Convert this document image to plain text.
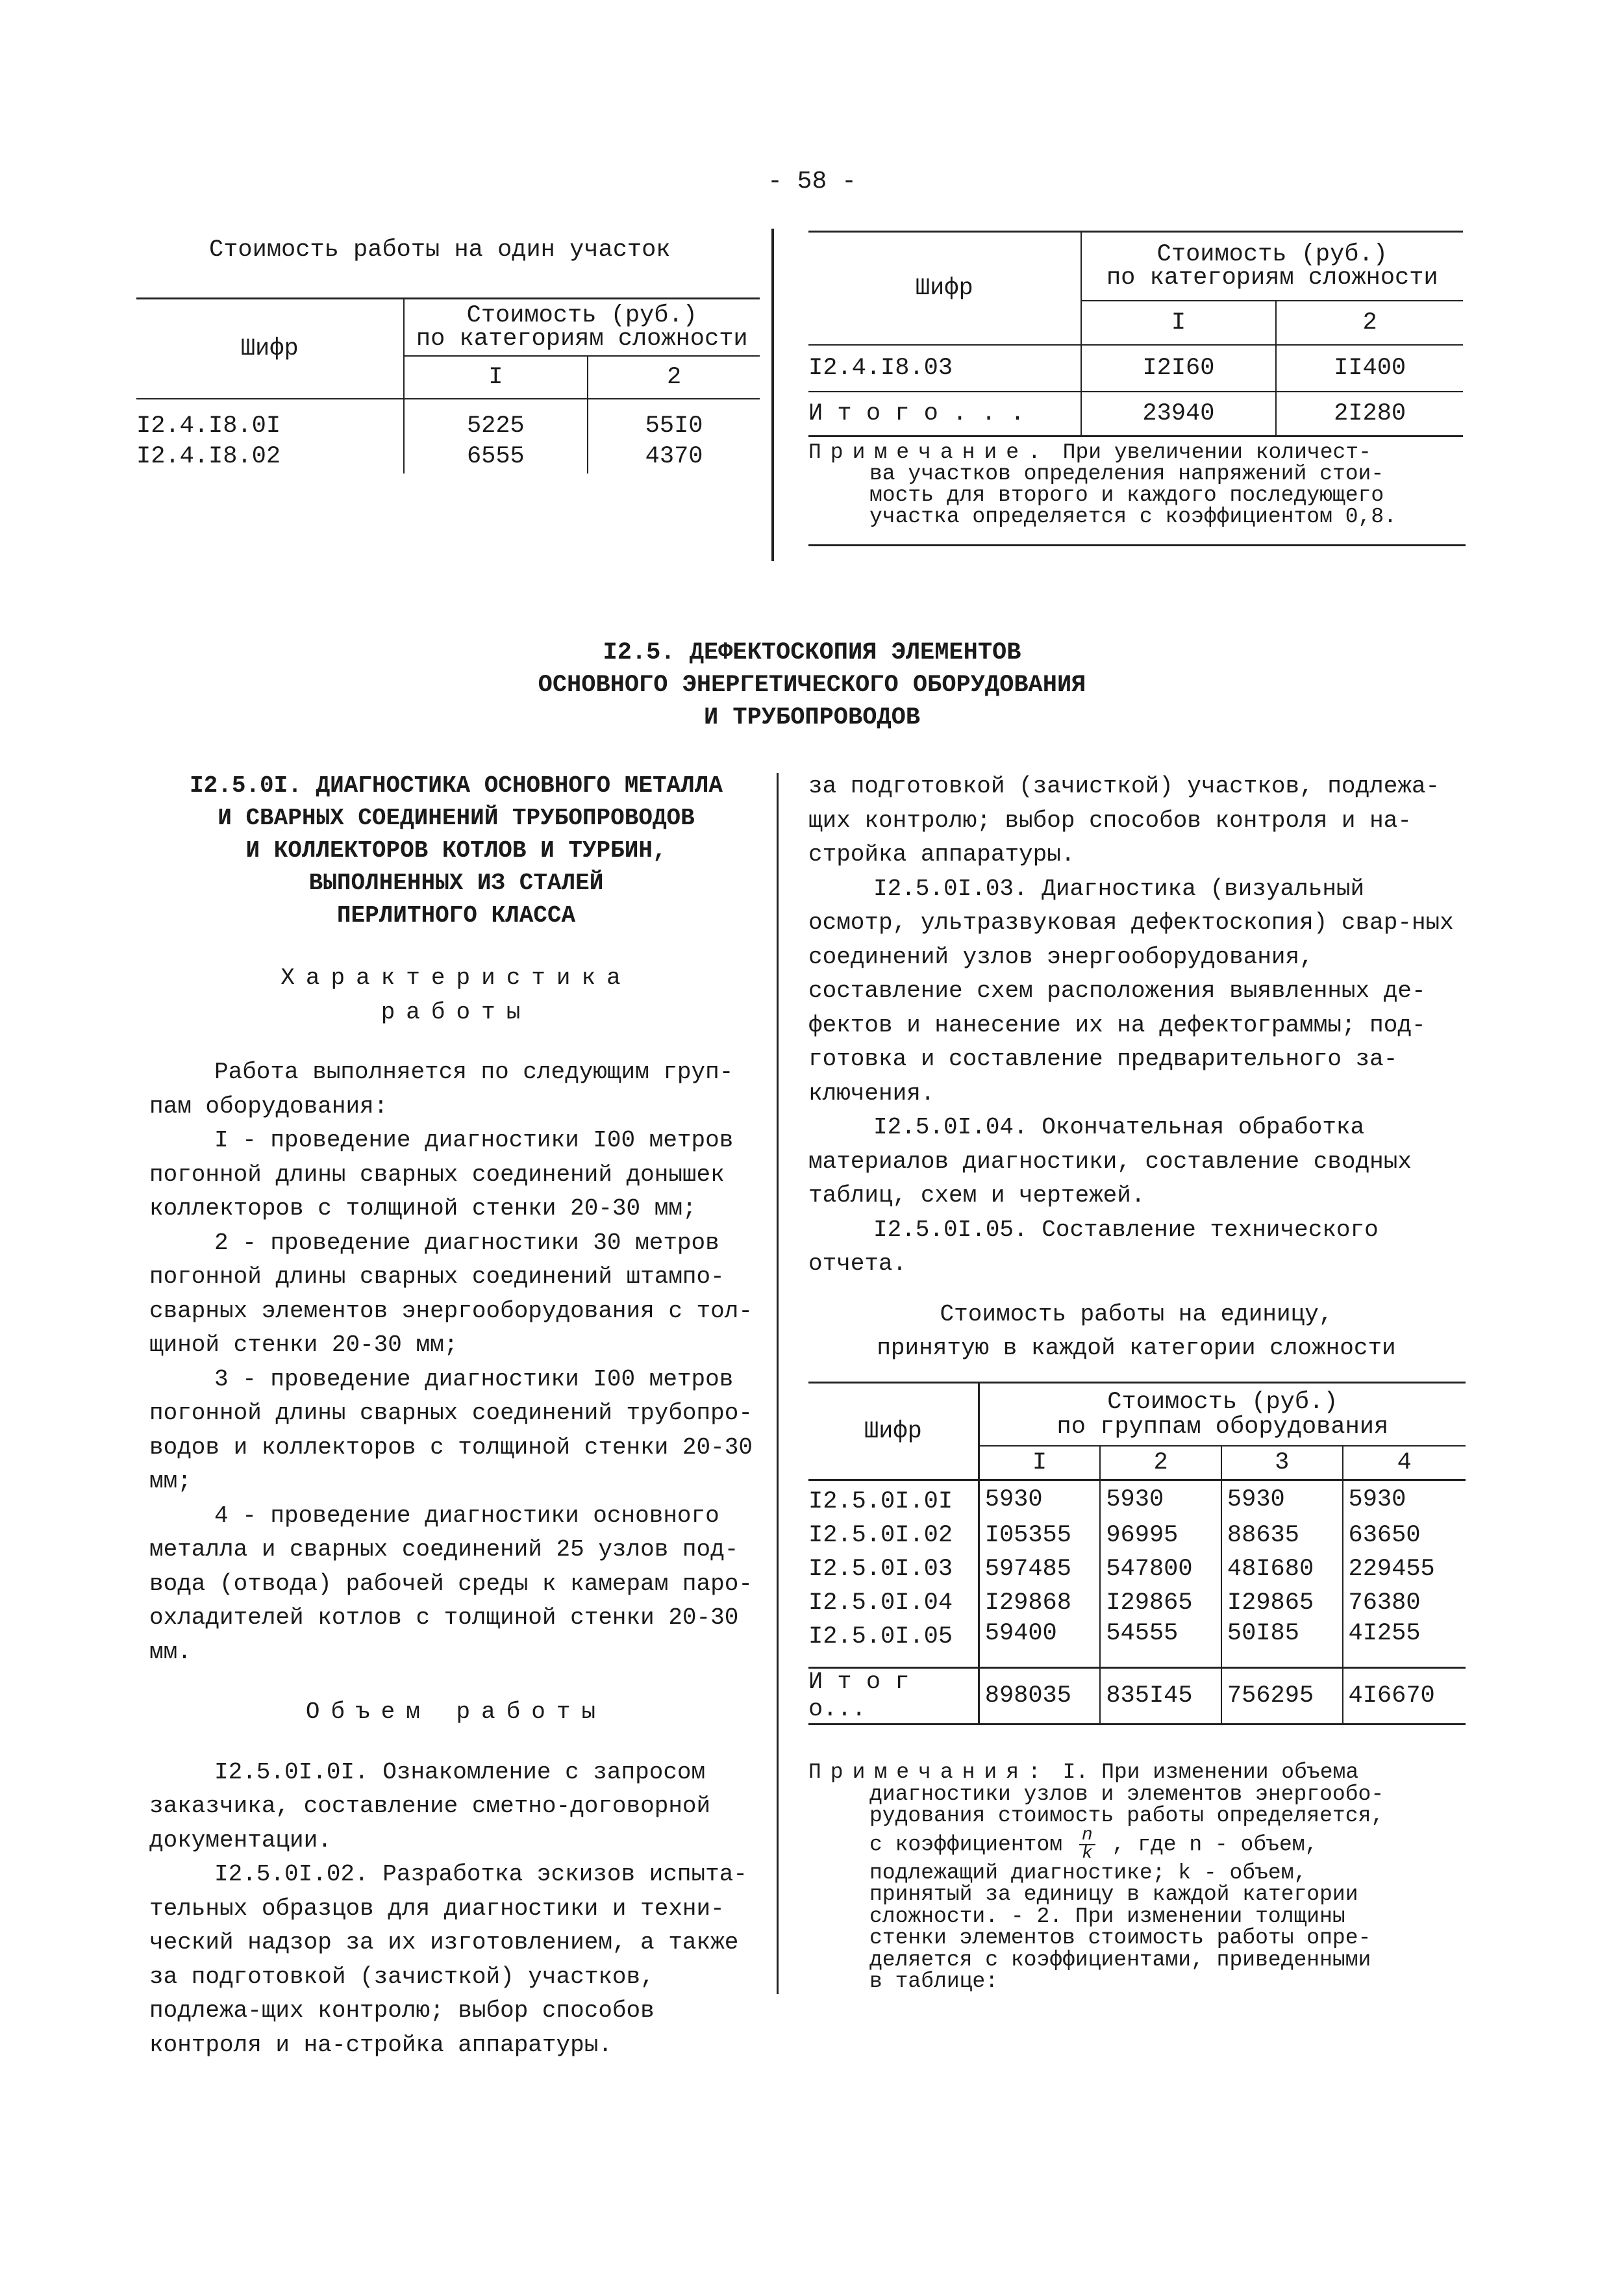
- 58 -
Стоимость работы на один участок
Шифр	Стоимость (руб.)
по категориям сложности	
	I	2
I2.4.I8.0I	5225	55I0
I2.4.I8.02	6555	4370
Шифр	Стоимость (руб.)
по категориям сложности	
	I	2
I2.4.I8.03	I2I60	II400
И т о г о . . .	23940	2I280
Примечание. При увеличении количест-
ва участков определения напряжений стои-
мость для второго и каждого последующего
участка определяется с коэффициентом 0,8.
I2.5. ДЕФЕКТОСКОПИЯ ЭЛЕМЕНТОВ
ОСНОВНОГО ЭНЕРГЕТИЧЕСКОГО ОБОРУДОВАНИЯ
И ТРУБОПРОВОДОВ
I2.5.0I. ДИАГНОСТИКА ОСНОВНОГО МЕТАЛЛА
И СВАРНЫХ СОЕДИНЕНИЙ ТРУБОПРОВОДОВ
И КОЛЛЕКТОРОВ КОТЛОВ И ТУРБИН,
ВЫПОЛНЕННЫХ ИЗ СТАЛЕЙ
ПЕРЛИТНОГО КЛАССА
Характеристика
работы

Работа выполняется по следующим груп- пам оборудования:

I - проведение диагностики I00 метров погонной длины сварных соединений донышек коллекторов с толщиной стенки 20-30 мм;

2 - проведение диагностики 30 метров погонной длины сварных соединений штампо-сварных элементов энергооборудования с тол-щиной стенки 20-30 мм;

3 - проведение диагностики I00 метров погонной длины сварных соединений трубопро-водов и коллекторов с толщиной стенки 20-30 мм;

4 - проведение диагностики основного металла и сварных соединений 25 узлов под-вода (отвода) рабочей среды к камерам паро-охладителей котлов с толщиной стенки 20-30 мм.

Объем работы

I2.5.0I.0I. Ознакомление с запросом заказчика, составление сметно-договорной документации.

I2.5.0I.02. Разработка эскизов испыта-тельных образцов для диагностики и техни-ческий надзор за их изготовлением, а также за подготовкой (зачисткой) участков, подлежа-щих контролю; выбор способов контроля и на-стройка аппаратуры.

за подготовкой (зачисткой) участков, подлежа-щих контролю; выбор способов контроля и на-стройка аппаратуры.

I2.5.0I.03. Диагностика (визуальный осмотр, ультразвуковая дефектоскопия) свар-ных соединений узлов энергооборудования, составление схем расположения выявленных де-фектов и нанесение их на дефектограммы; под-готовка и составление предварительного за-ключения.

I2.5.0I.04. Окончательная обработка материалов диагностики, составление сводных таблиц, схем и чертежей.

I2.5.0I.05. Составление технического отчета.

Стоимость работы на единицу,
принятую в каждой категории сложности
Шифр	Стоимость (руб.)
по группам оборудования			
	I	2	3	4
I2.5.0I.0I	5930	5930	5930	5930
I2.5.0I.02	I05355	96995	88635	63650
I2.5.0I.03	597485	547800	48I680	229455
I2.5.0I.04	I29868	I29865	I29865	76380
I2.5.0I.05	59400	54555	50I85	4I255
И т о г о...	898035	835I45	756295	4I6670
Примечания: I. При изменении объема
диагностики узлов и элементов энергообо-
рудования стоимость работы определяется,
с коэффициентом $\frac{n}{k}$ , где n - объем,
подлежащий диагностике; k - объем,
принятый за единицу в каждой категории
сложности. - 2. При изменении толщины
стенки элементов стоимость работы опре-
деляется с коэффициентами, приведенными
в таблице:
